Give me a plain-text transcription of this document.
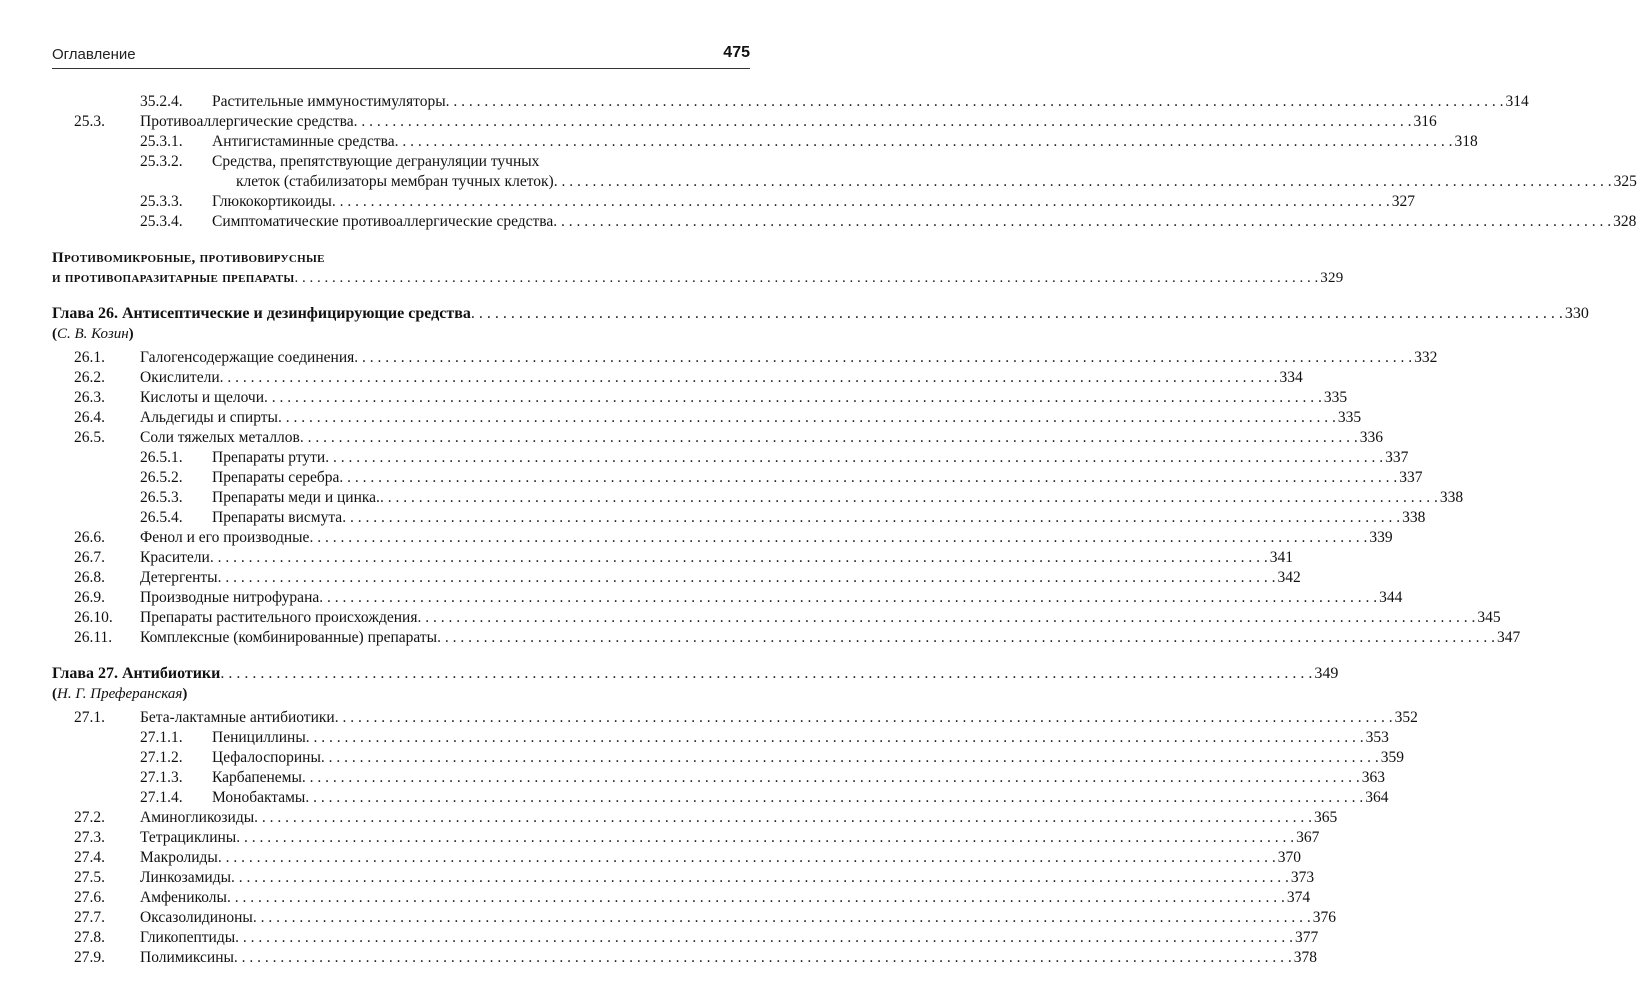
Оглавление	475
35.2.4. Растительные иммуностимуляторы . . .	314
25.3. Противоаллергические средства . . .	316
25.3.1. Антигистаминные средства . . .	318
25.3.2. Средства, препятствующие дегрануляции тучных
клеток (стабилизаторы мембран тучных клеток) . . .	325
25.3.3. Глюкокортикоиды . . .	327
25.3.4. Симптоматические противоаллергические средства . . .	328
Противомикробные, противовирусные
и противопаразитарные препараты . . .	329
Глава 26. Антисептические и дезинфицирующие средства . . .	330
(С. В. Козин)
26.1. Галогенсодержащие соединения . . .	332
26.2. Окислители . . .	334
26.3. Кислоты и щелочи . . .	335
26.4. Альдегиды и спирты . . .	335
26.5. Соли тяжелых металлов . . .	336
26.5.1. Препараты ртути . . .	337
26.5.2. Препараты серебра . . .	337
26.5.3. Препараты меди и цинка. . . .	338
26.5.4. Препараты висмута . . .	338
26.6. Фенол и его производные . . .	339
26.7. Красители . . .	341
26.8. Детергенты . . .	342
26.9. Производные нитрофурана . . .	344
26.10. Препараты растительного происхождения . . .	345
26.11. Комплексные (комбинированные) препараты . . .	347
Глава 27. Антибиотики . . .	349
(Н. Г. Преферанская)
27.1. Бета-лактамные антибиотики . . .	352
27.1.1. Пенициллины . . .	353
27.1.2. Цефалоспорины . . .	359
27.1.3. Карбапенемы . . .	363
27.1.4. Монобактамы . . .	364
27.2. Аминогликозиды . . .	365
27.3. Тетрациклины . . .	367
27.4. Макролиды . . .	370
27.5. Линкозамиды . . .	373
27.6. Амфениколы . . .	374
27.7. Оксазолидиноны . . .	376
27.8. Гликопептиды . . .	377
27.9. Полимиксины . . .	378
